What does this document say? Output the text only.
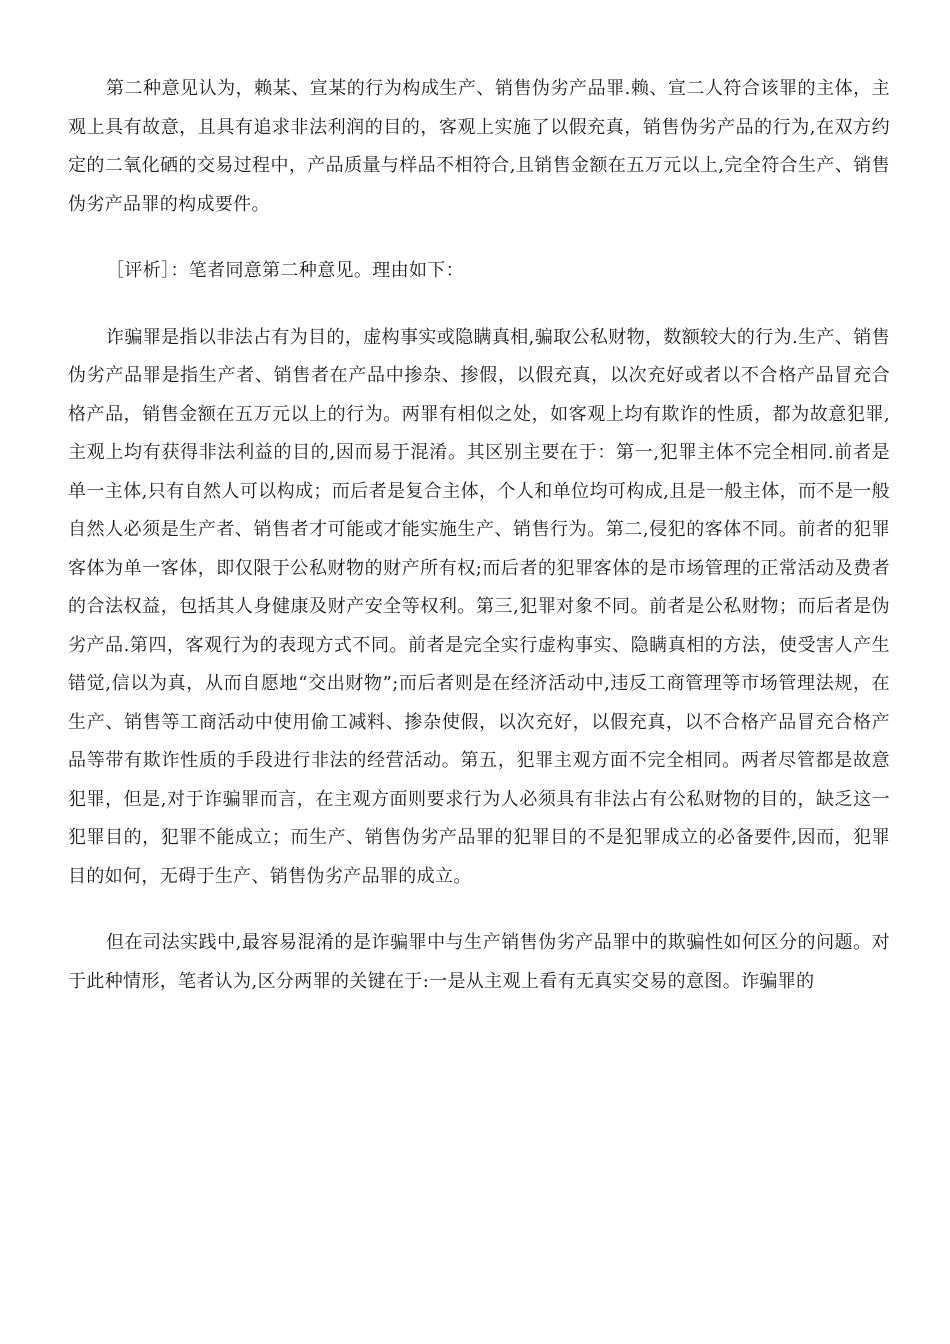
第二种意见认为，赖某、宣某的行为构成生产、销售伪劣产品罪.赖、宣二人符合该罪的主体，主观上具有故意，且具有追求非法利润的目的，客观上实施了以假充真，销售伪劣产品的行为,在双方约定的二氧化硒的交易过程中，产品质量与样品不相符合,且销售金额在五万元以上,完全符合生产、销售伪劣产品罪的构成要件。

［评析］：笔者同意第二种意见。理由如下：

诈骗罪是指以非法占有为目的，虚构事实或隐瞒真相,骗取公私财物，数额较大的行为.生产、销售伪劣产品罪是指生产者、销售者在产品中掺杂、掺假，以假充真，以次充好或者以不合格产品冒充合格产品，销售金额在五万元以上的行为。两罪有相似之处，如客观上均有欺诈的性质，都为故意犯罪,主观上均有获得非法利益的目的,因而易于混淆。其区别主要在于：第一,犯罪主体不完全相同.前者是单一主体,只有自然人可以构成；而后者是复合主体，个人和单位均可构成,且是一般主体，而不是一般自然人必须是生产者、销售者才可能或才能实施生产、销售行为。第二,侵犯的客体不同。前者的犯罪客体为单一客体，即仅限于公私财物的财产所有权;而后者的犯罪客体的是市场管理的正常活动及费者的合法权益，包括其人身健康及财产安全等权利。第三,犯罪对象不同。前者是公私财物；而后者是伪劣产品.第四，客观行为的表现方式不同。前者是完全实行虚构事实、隐瞒真相的方法，使受害人产生错觉,信以为真，从而自愿地“交出财物”;而后者则是在经济活动中,违反工商管理等市场管理法规，在生产、销售等工商活动中使用偷工减料、掺杂使假，以次充好，以假充真，以不合格产品冒充合格产品等带有欺诈性质的手段进行非法的经营活动。第五，犯罪主观方面不完全相同。两者尽管都是故意犯罪，但是,对于诈骗罪而言，在主观方面则要求行为人必须具有非法占有公私财物的目的，缺乏这一犯罪目的，犯罪不能成立；而生产、销售伪劣产品罪的犯罪目的不是犯罪成立的必备要件,因而，犯罪目的如何，无碍于生产、销售伪劣产品罪的成立。

但在司法实践中,最容易混淆的是诈骗罪中与生产销售伪劣产品罪中的欺骗性如何区分的问题。对于此种情形，笔者认为,区分两罪的关键在于:一是从主观上看有无真实交易的意图。诈骗罪的
